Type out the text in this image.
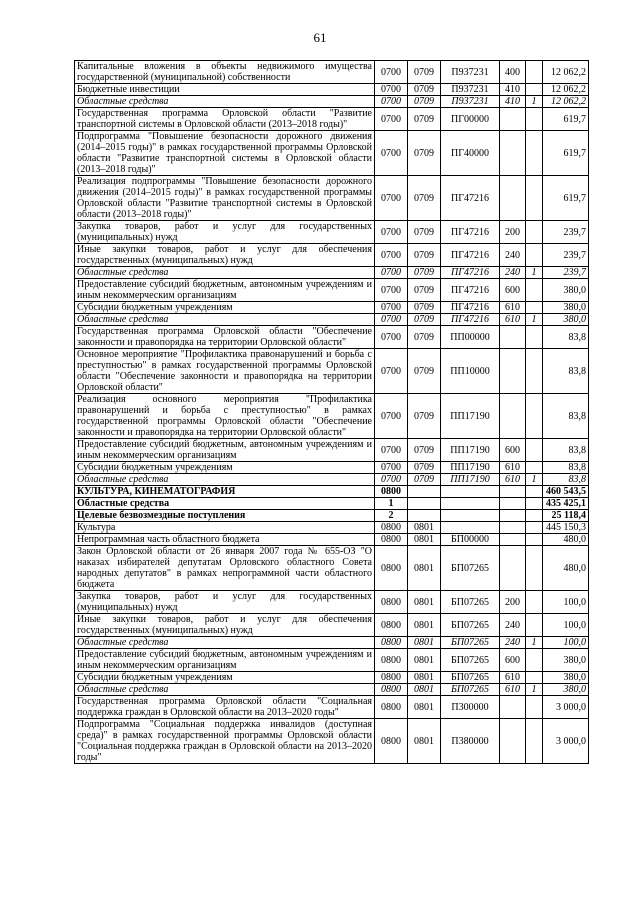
61
Капитальные вложения в объекты недвижимого имущества государственной (муниципальной) собственности	0700	0709	П937231	400		12 062,2
Бюджетные инвестиции	0700	0709	П937231	410		12 062,2
Областные средства	0700	0709	П937231	410	1	12 062,2
Государственная программа Орловской области "Развитие транспортной системы в Орловской области (2013–2018 годы)"	0700	0709	ПГ00000			619,7
Подпрограмма "Повышение безопасности дорожного движения (2014–2015 годы)" в рамках государственной программы Орловской области "Развитие транспортной системы в Орловской области (2013–2018 годы)"	0700	0709	ПГ40000			619,7
Реализация подпрограммы "Повышение безопасности дорожного движения (2014–2015 годы)" в рамках государственной программы Орловской области "Развитие транспортной системы в Орловской области (2013–2018 годы)"	0700	0709	ПГ47216			619,7
Закупка товаров, работ и услуг для государственных (муниципальных) нужд	0700	0709	ПГ47216	200		239,7
Иные закупки товаров, работ и услуг для обеспечения государственных (муниципальных) нужд	0700	0709	ПГ47216	240		239,7
Областные средства	0700	0709	ПГ47216	240	1	239,7
Предоставление субсидий бюджетным, автономным учреждениям и иным некоммерческим организациям	0700	0709	ПГ47216	600		380,0
Субсидии бюджетным учреждениям	0700	0709	ПГ47216	610		380,0
Областные средства	0700	0709	ПГ47216	610	1	380,0
Государственная программа Орловской области "Обеспечение законности и правопорядка на территории Орловской области"	0700	0709	ПП00000			83,8
Основное мероприятие "Профилактика правонарушений и борьба с преступностью" в рамках государственной программы Орловской области "Обеспечение законности и правопорядка на территории Орловской области"	0700	0709	ПП10000			83,8
Реализация основного мероприятия "Профилактика правонарушений и борьба с преступностью" в рамках государственной программы Орловской области "Обеспечение законности и правопорядка на территории Орловской области"	0700	0709	ПП17190			83,8
Предоставление субсидий бюджетным, автономным учреждениям и иным некоммерческим организациям	0700	0709	ПП17190	600		83,8
Субсидии бюджетным учреждениям	0700	0709	ПП17190	610		83,8
Областные средства	0700	0709	ПП17190	610	1	83,8
КУЛЬТУРА, КИНЕМАТОГРАФИЯ	0800					460 543,5
Областные средства	1					435 425,1
Целевые безвозмездные поступления	2					25 118,4
Культура	0800	0801				445 150,3
Непрограммная часть областного бюджета	0800	0801	БП00000			480,0
Закон Орловской области от 26 января 2007 года № 655-ОЗ "О наказах избирателей депутатам Орловского областного Совета народных депутатов" в рамках непрограммной части областного бюджета	0800	0801	БП07265			480,0
Закупка товаров, работ и услуг для государственных (муниципальных) нужд	0800	0801	БП07265	200		100,0
Иные закупки товаров, работ и услуг для обеспечения государственных (муниципальных) нужд	0800	0801	БП07265	240		100,0
Областные средства	0800	0801	БП07265	240	1	100,0
Предоставление субсидий бюджетным, автономным учреждениям и иным некоммерческим организациям	0800	0801	БП07265	600		380,0
Субсидии бюджетным учреждениям	0800	0801	БП07265	610		380,0
Областные средства	0800	0801	БП07265	610	1	380,0
Государственная программа Орловской области "Социальная поддержка граждан в Орловской области на 2013–2020 годы"	0800	0801	П300000			3 000,0
Подпрограмма "Социальная поддержка инвалидов (доступная среда)" в рамках государственной программы Орловской области "Социальная поддержка граждан в Орловской области на 2013–2020 годы"	0800	0801	П380000			3 000,0
